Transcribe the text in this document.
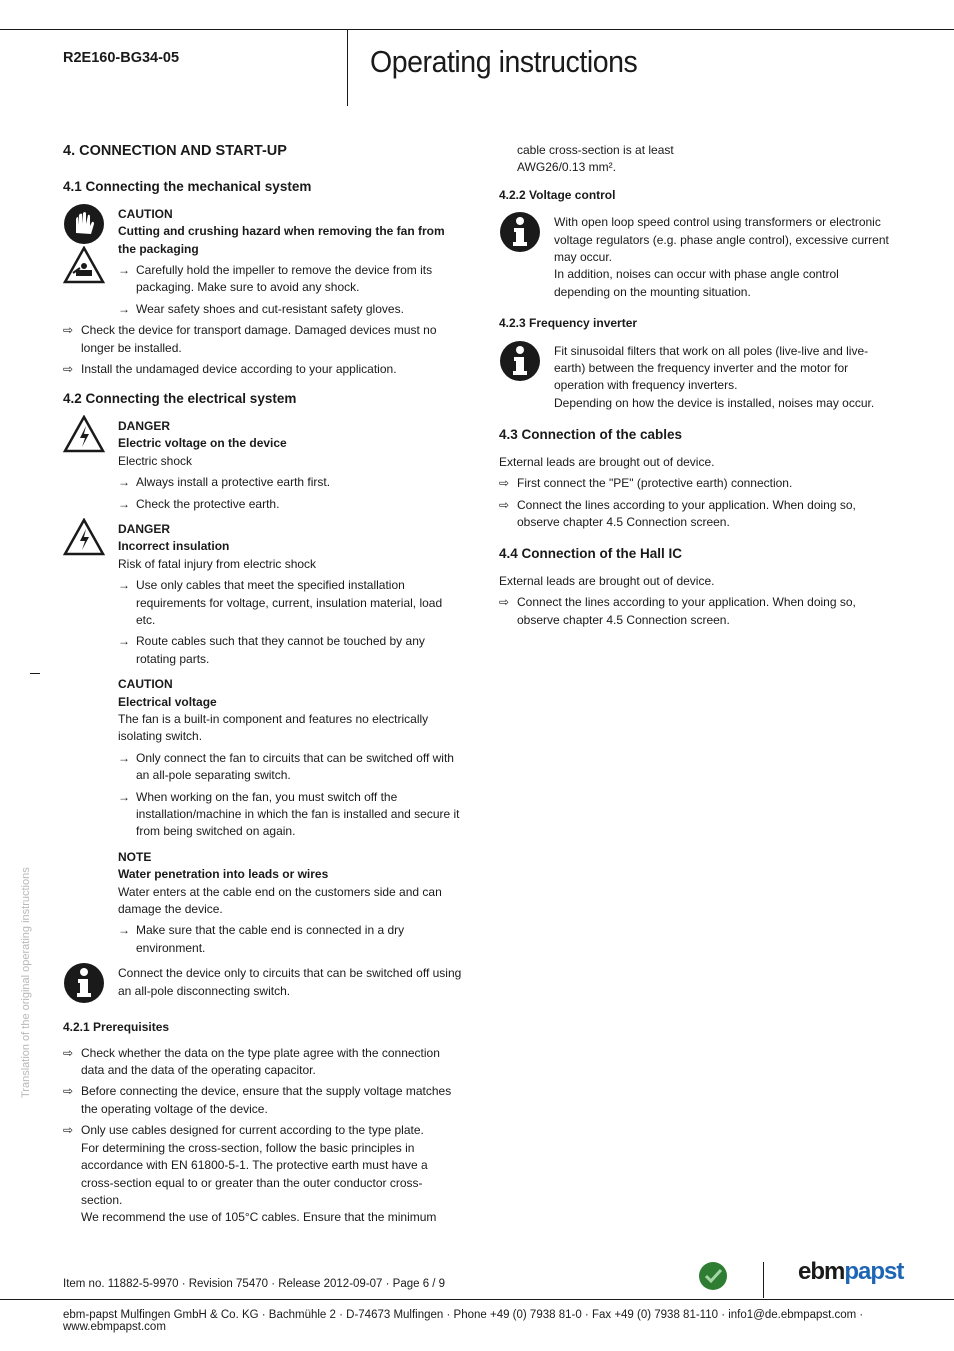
R2E160-BG34-05	Operating instructions
Translation of the original operating instructions

4. CONNECTION AND START-UP

4.1 Connecting the mechanical system

CAUTION

Cutting and crushing hazard when removing the fan from the packaging

→ Carefully hold the impeller to remove the device from its packaging. Make sure to avoid any shock.

→ Wear safety shoes and cut-resistant safety gloves.

⇨ Check the device for transport damage. Damaged devices must no longer be installed.

⇨ Install the undamaged device according to your application.

4.2 Connecting the electrical system

DANGER

Electric voltage on the device

Electric shock

→ Always install a protective earth first.

→ Check the protective earth.

DANGER

Incorrect insulation

Risk of fatal injury from electric shock

→ Use only cables that meet the specified installation requirements for voltage, current, insulation material, load etc.

→ Route cables such that they cannot be touched by any rotating parts.

CAUTION

Electrical voltage

The fan is a built-in component and features no electrically isolating switch.

→ Only connect the fan to circuits that can be switched off with an all-pole separating switch.

→ When working on the fan, you must switch off the installation/machine in which the fan is installed and secure it from being switched on again.

NOTE

Water penetration into leads or wires

Water enters at the cable end on the customers side and can damage the device.

→ Make sure that the cable end is connected in a dry environment.

Connect the device only to circuits that can be switched off using an all-pole disconnecting switch.

4.2.1 Prerequisites

⇨ Check whether the data on the type plate agree with the connection data and the data of the operating capacitor.

⇨ Before connecting the device, ensure that the supply voltage matches the operating voltage of the device.

⇨ Only use cables designed for current according to the type plate.

For determining the cross-section, follow the basic principles in accordance with EN 61800-5-1. The protective earth must have a cross-section equal to or greater than the outer conductor cross-section.

We recommend the use of 105°C cables. Ensure that the minimum

cable cross-section is at least AWG26/0.13 mm².

4.2.2 Voltage control

With open loop speed control using transformers or electronic voltage regulators (e.g. phase angle control), excessive current may occur.

In addition, noises can occur with phase angle control depending on the mounting situation.

4.2.3 Frequency inverter

Fit sinusoidal filters that work on all poles (live-live and live-earth) between the frequency inverter and the motor for operation with frequency inverters.

Depending on how the device is installed, noises may occur.

4.3 Connection of the cables

External leads are brought out of device.

⇨ First connect the "PE" (protective earth) connection.

⇨ Connect the lines according to your application. When doing so, observe chapter 4.5 Connection screen.

4.4 Connection of the Hall IC

External leads are brought out of device.

⇨ Connect the lines according to your application. When doing so, observe chapter 4.5 Connection screen.

Item no. 11882-5-9970 · Revision 75470 · Release 2012-09-07 · Page 6 / 9	ebmpapst
ebm-papst Mulfingen GmbH & Co. KG · Bachmühle 2 · D-74673 Mulfingen · Phone +49 (0) 7938 81-0 · Fax +49 (0) 7938 81-110 · info1@de.ebmpapst.com · www.ebmpapst.com
